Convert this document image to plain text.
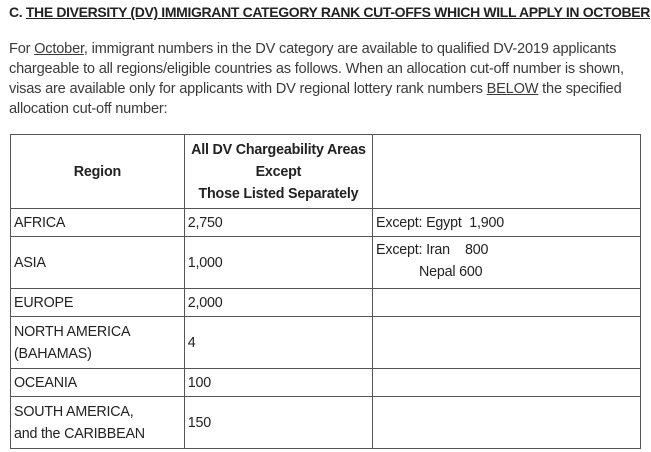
C. THE DIVERSITY (DV) IMMIGRANT CATEGORY RANK CUT-OFFS WHICH WILL APPLY IN OCTOBER
For October, immigrant numbers in the DV category are available to qualified DV-2019 applicants chargeable to all regions/eligible countries as follows. When an allocation cut-off number is shown, visas are available only for applicants with DV regional lottery rank numbers BELOW the specified allocation cut-off number:
Region	All DV Chargeability Areas
Except
Those Listed Separately	

AFRICA	2,750	Except: Egypt  1,900

ASIA	1,000	Except: Iran    800
Nepal 600

EUROPE	2,000	

NORTH AMERICA
(BAHAMAS)	4	
OCEANIA	100	

SOUTH AMERICA,
and the CARIBBEAN	150	
